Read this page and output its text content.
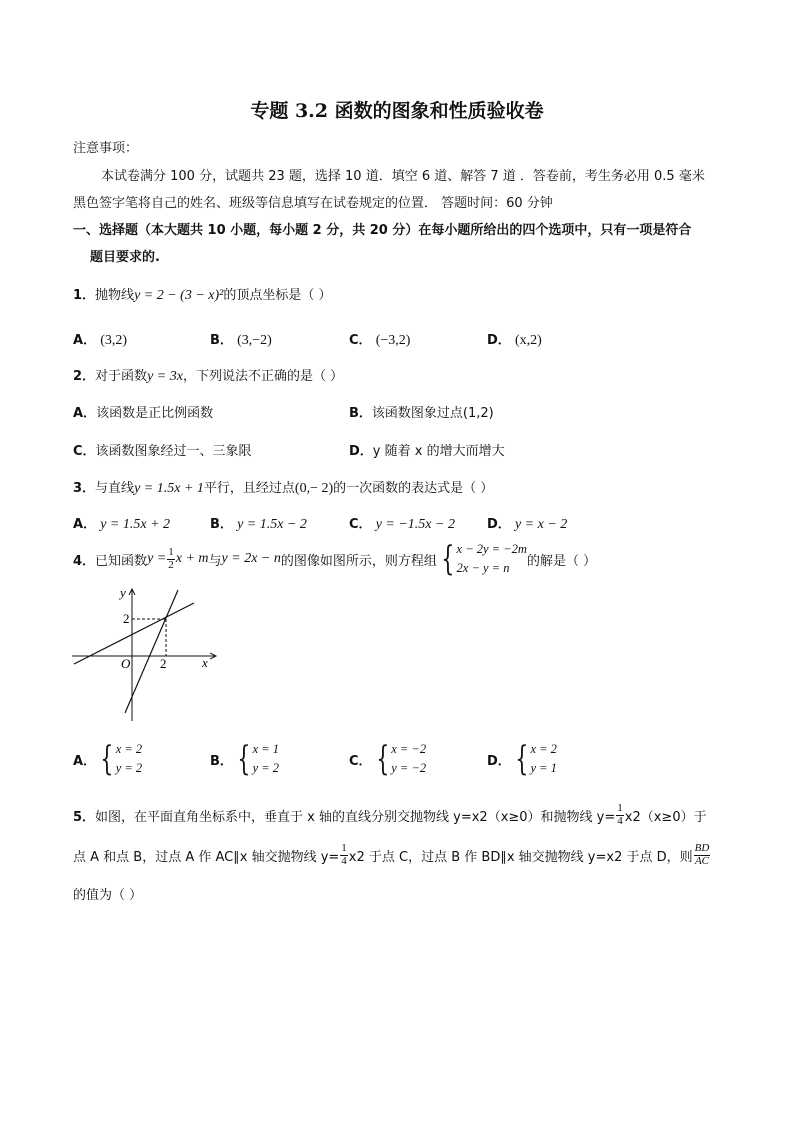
专题 3.2 函数的图象和性质验收卷
注意事项：
本试卷满分 100 分，试题共 23 题，选择 10 道．填空 6 道、解答 7 道 ．答卷前，考生务必用 0.5 毫米
黑色签字笔将自己的姓名、班级等信息填写在试卷规定的位置． 答题时间：60 分钟
一、选择题（本大题共 10 小题，每小题 2 分，共 20 分）在每小题所给出的四个选项中，只有一项是符合
题目要求的.
1．抛物线y = 2 − (3 − x)²的顶点坐标是（ ）
A． (3,2)	B． (3,−2)	C． (−3,2)	D． (x,2)
2．对于函数y = 3x，下列说法不正确的是（ ）
A．该函数是正比例函数	B．该函数图象过点(1,2)
C．该函数图象经过一、三象限	D．y 随着 x 的增大而增大
3．与直线y = 1.5x + 1平行，且经过点(0,− 2)的一次函数的表达式是（ ）
A． y = 1.5x + 2	B． y = 1.5x − 2	C． y = −1.5x − 2 D． y = x − 2
4． 已知函数 $y = \frac{1}{2}$ x + m 与 y = 2x − n 的图像如图所示，则方程组 { x − 2y = −2m
2x − y = n	的解是（ ）
y
x
O
2
2
A． { x = 2
y = 2	B． { x = 1
y = 2	C． { x = −2
y = −2	D． { x = 2
y = 1
5． 如图，在平面直角坐标系中，垂直于 x 轴的直线分别交抛物线 y=x2（x≥0）和抛物线 $y= \frac{1}{4} x2(x\ge 0)$于
点 A 和点 B，过点 A 作 AC∥x 轴交抛物线 $y= \frac{1}{4} x2$ 于点 C，过点 B 作 BD∥x 轴交抛物线 y=x2 于点 D，则 $\frac{BD}{AC}$
的值为（ ）
